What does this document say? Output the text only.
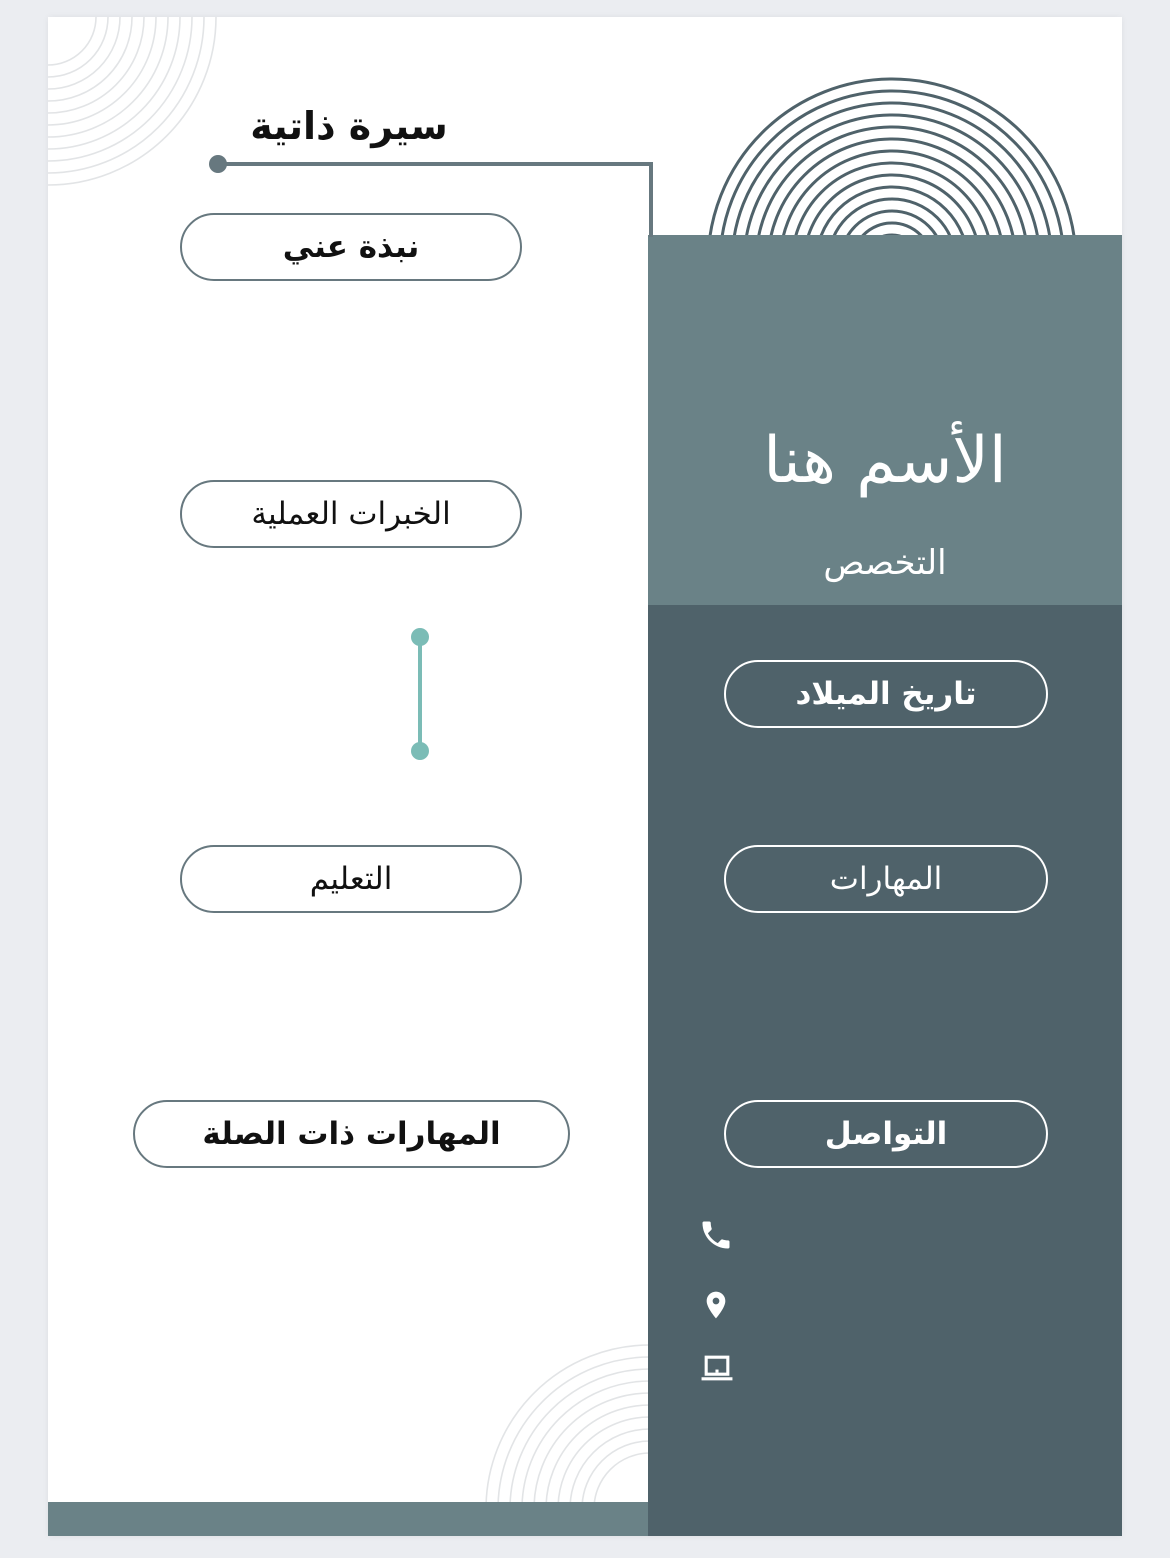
الأسم هنا
التخصص
تاريخ الميلاد
المهارات
التواصل
سيرة ذاتية
نبذة عني
الخبرات العملية
التعليم
المهارات ذات الصلة
